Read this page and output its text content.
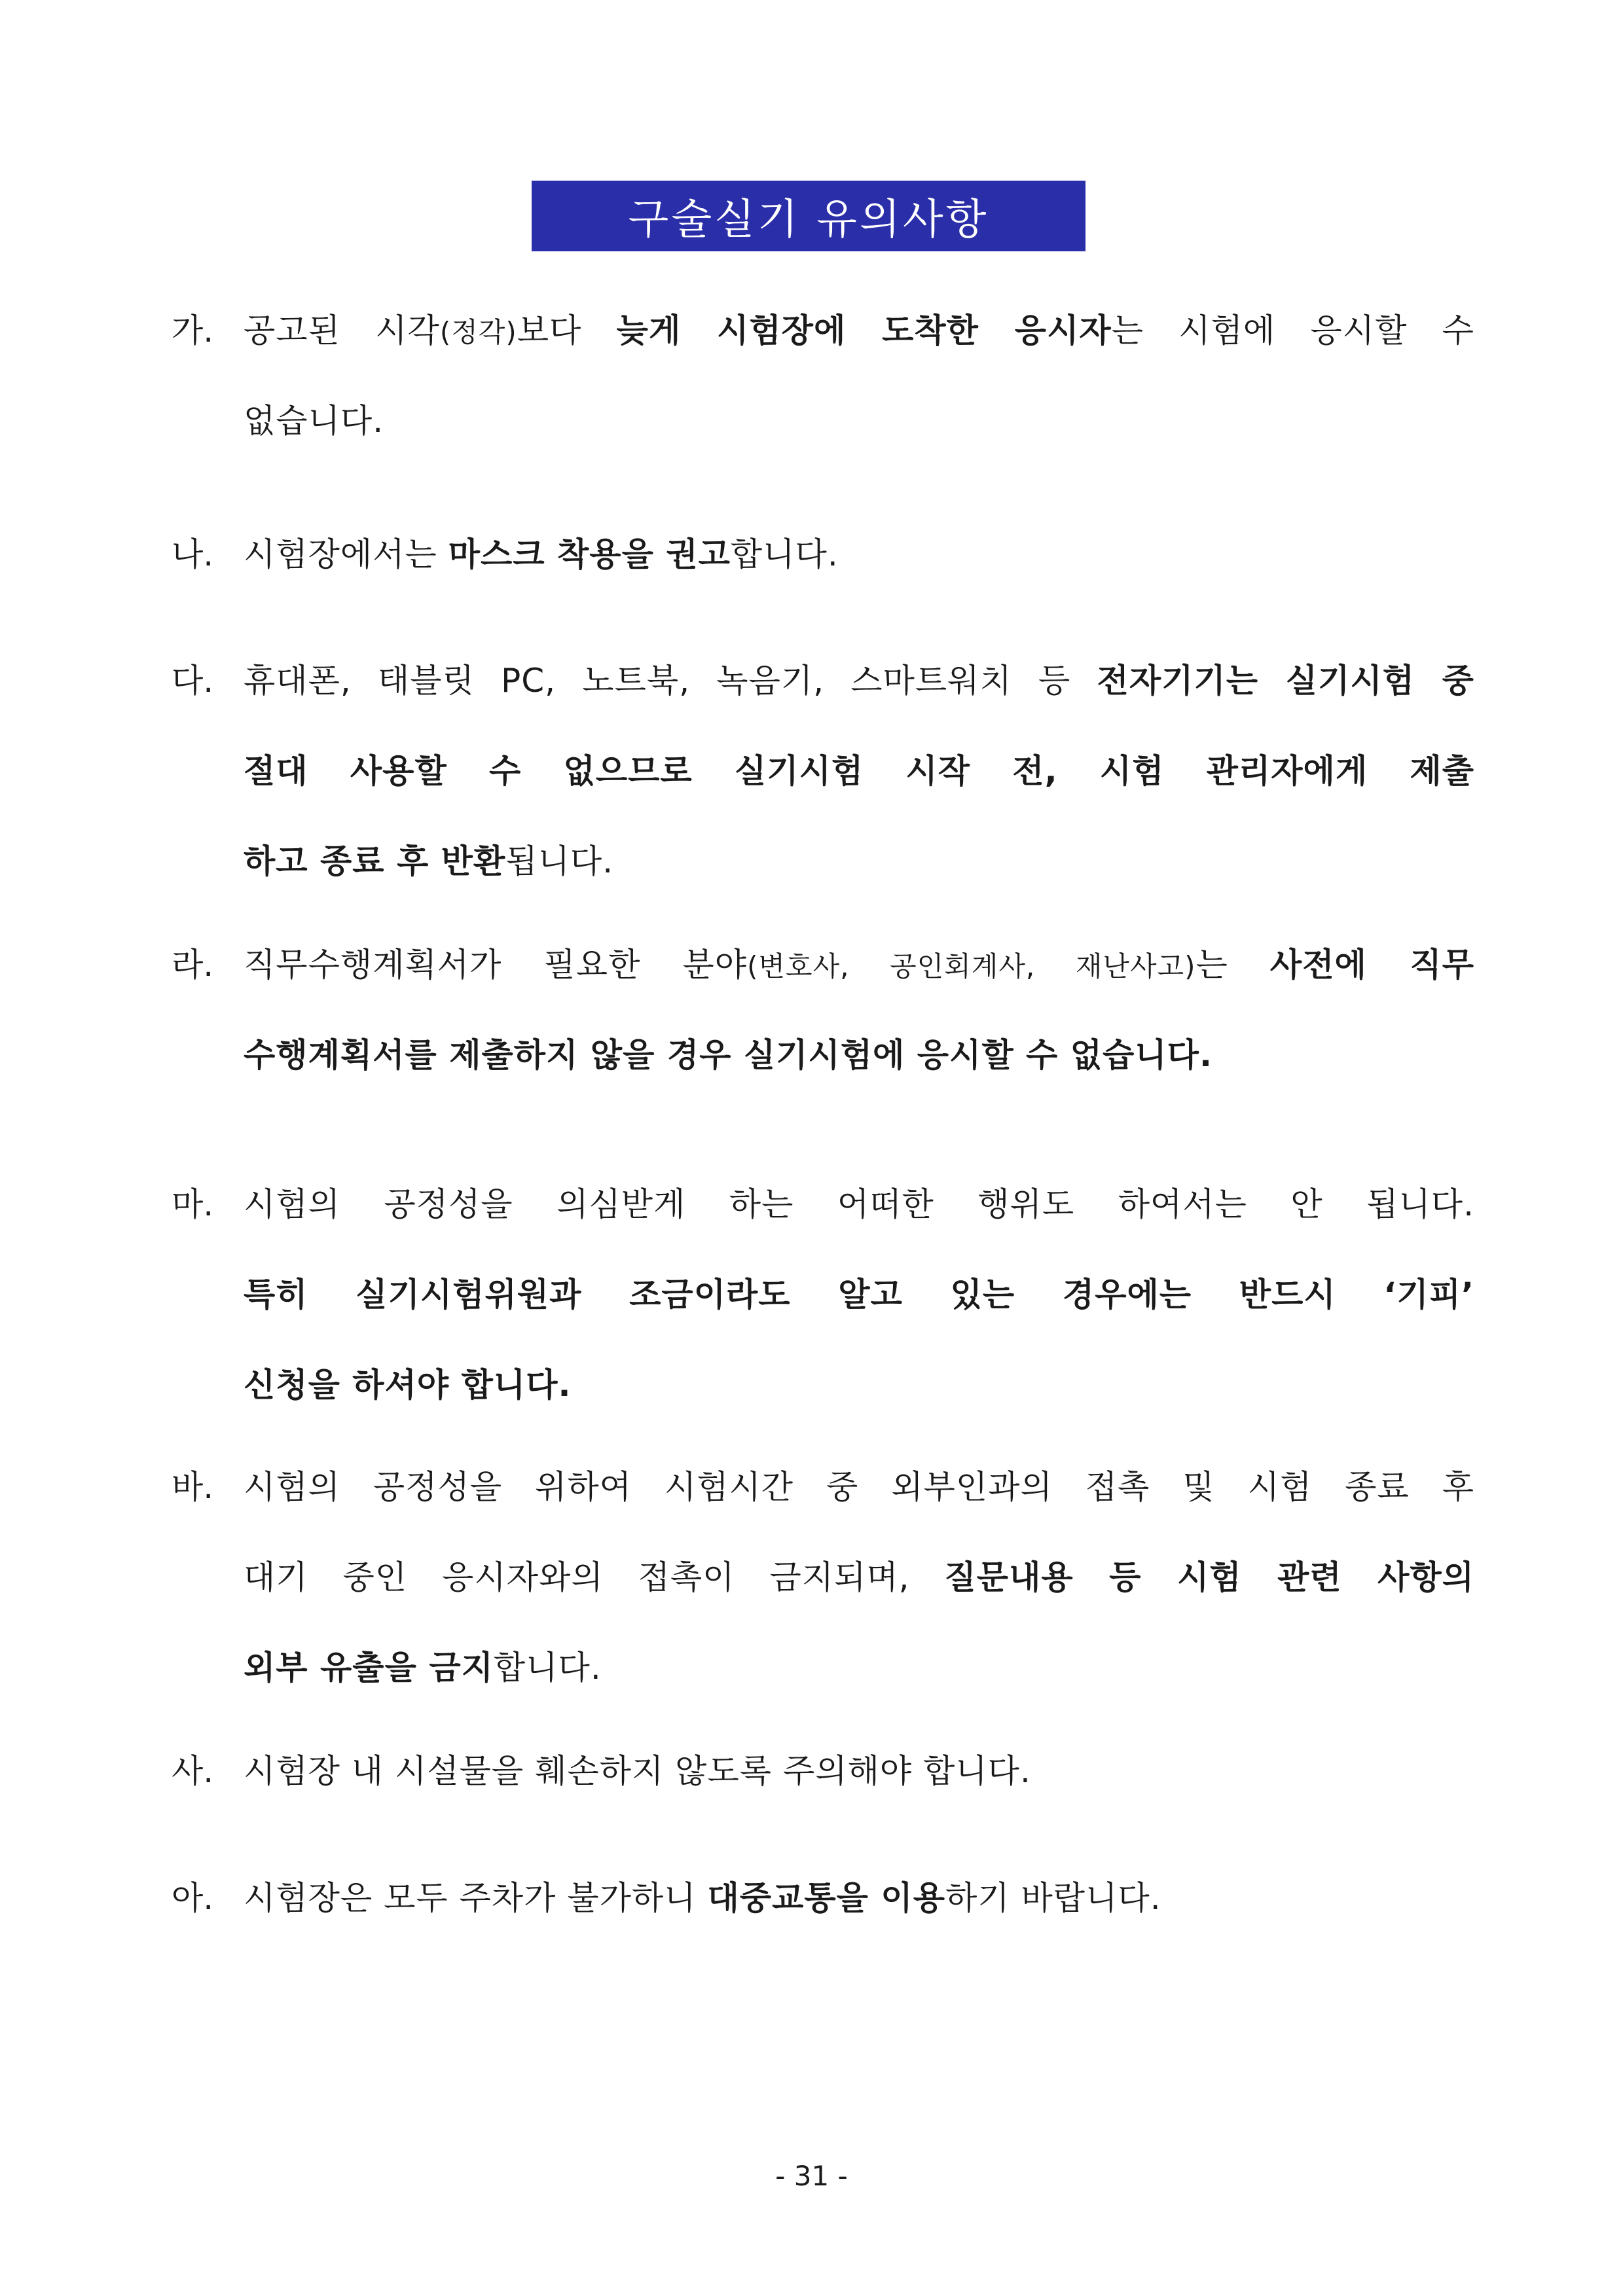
구술실기 유의사항
가. 공고된 시각(정각)보다 늦게 시험장에 도착한 응시자는 시험에 응시할 수
없습니다.
나. 시험장에서는 마스크 착용을 권고합니다.
다. 휴대폰, 태블릿 PC, 노트북, 녹음기, 스마트워치 등 전자기기는 실기시험 중
절대 사용할 수 없으므로 실기시험 시작 전, 시험 관리자에게 제출
하고 종료 후 반환됩니다.
라. 직무수행계획서가 필요한 분야(변호사, 공인회계사, 재난사고)는 사전에 직무
수행계획서를 제출하지 않을 경우 실기시험에 응시할 수 없습니다.
마. 시험의 공정성을 의심받게 하는 어떠한 행위도 하여서는 안 됩니다.
특히 실기시험위원과 조금이라도 알고 있는 경우에는 반드시 ‘기피’
신청을 하셔야 합니다.
바. 시험의 공정성을 위하여 시험시간 중 외부인과의 접촉 및 시험 종료 후
대기 중인 응시자와의 접촉이 금지되며, 질문내용 등 시험 관련 사항의
외부 유출을 금지합니다.
사. 시험장 내 시설물을 훼손하지 않도록 주의해야 합니다.
아. 시험장은 모두 주차가 불가하니 대중교통을 이용하기 바랍니다.
- 31 -
